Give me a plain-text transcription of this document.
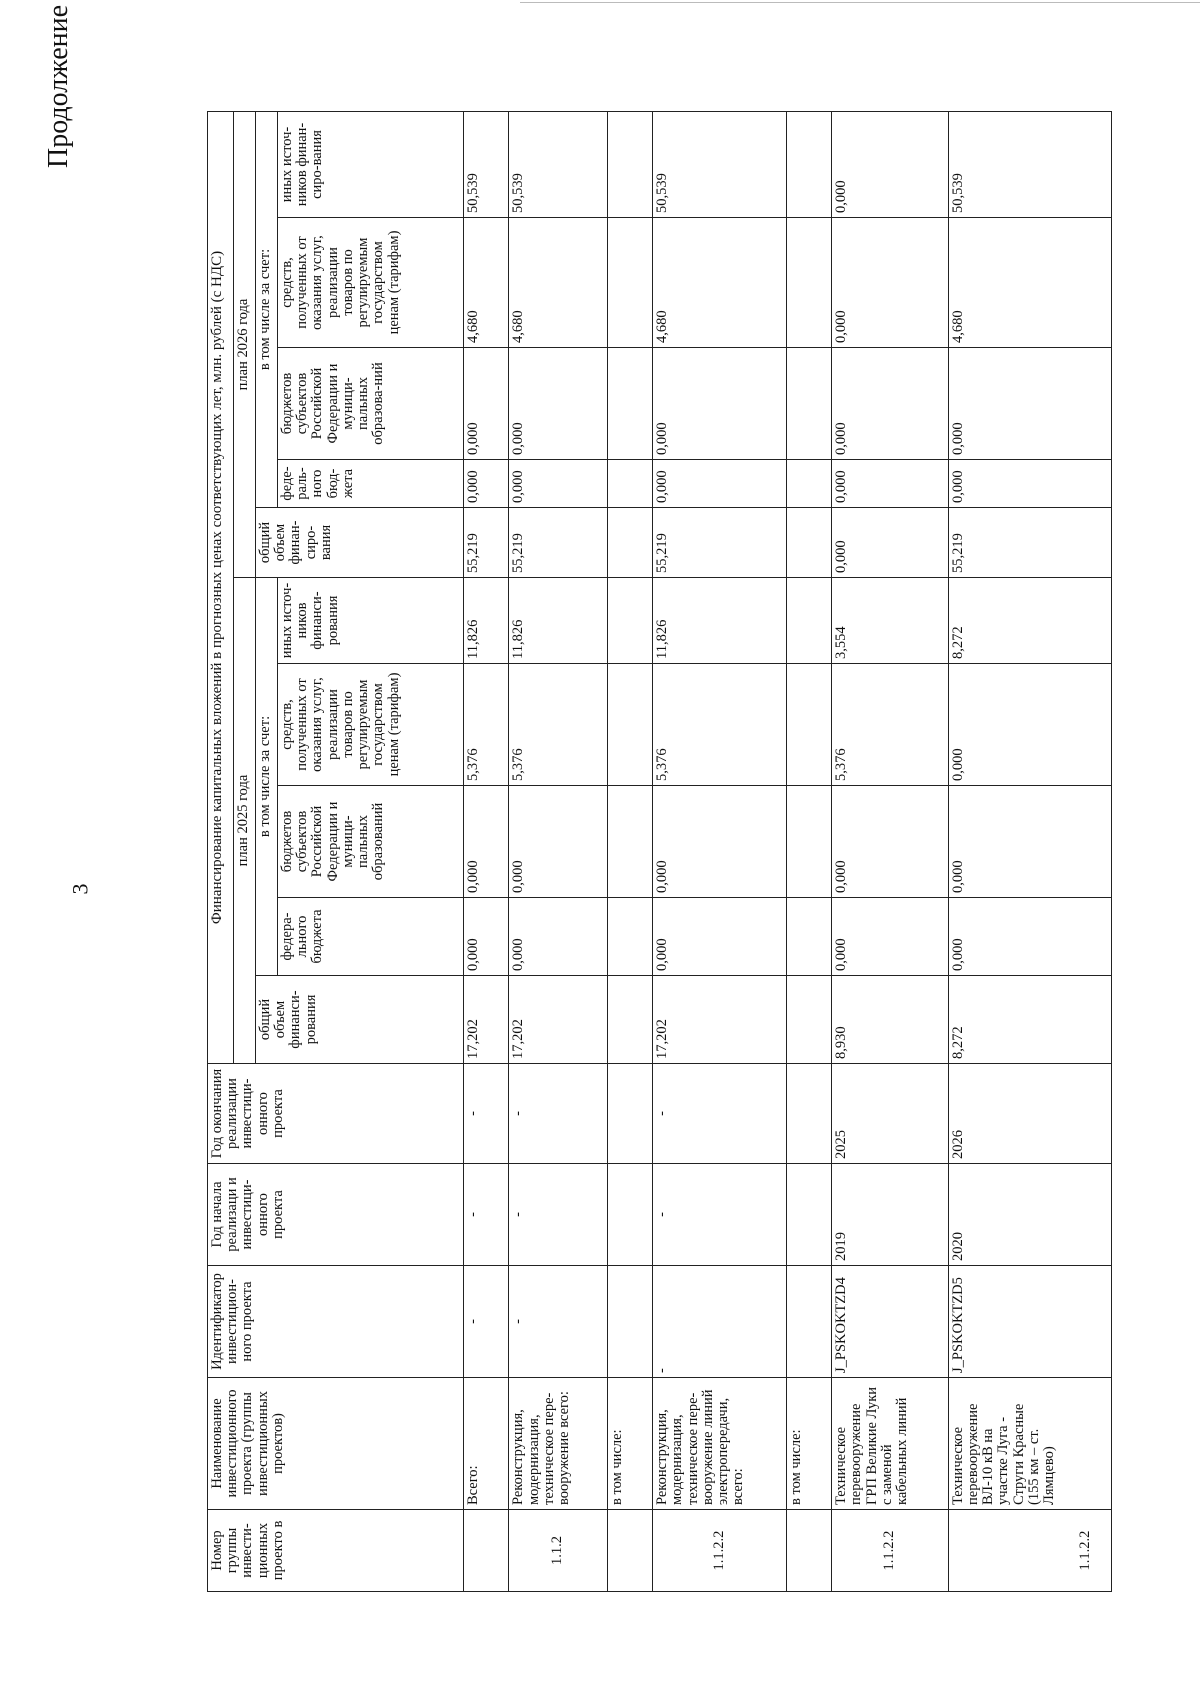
3
Продолжение
Номер группы инвести-ционных проекто в	Наименование инвестиционного проекта (группы инвестиционных проектов)	Идентификатор инвестицион-ного проекта	Год начала реализаци и инвестици-онного проекта	Год окончания реализации инвестици-онного проекта	Финансирование капитальных вложений в прогнозных ценах соответствующих лет, млн. рублей (с НДС)									
					план 2025 года					план 2026 года				
					общий объем финанси-рования	в том числе за счет:				общий объем финан-сиро-вания	в том числе за счет:			
						федера-льного бюджета	бюджетов субъектов Российской Федерации и муници-пальных образований	средств, полученных от оказания услуг, реализации товаров по регулируемым государством ценам (тарифам)	иных источ-ников финанси-рования		феде-раль-ного бюд-жета	бюджетов субъектов Российской Федерации и муници-пальных образова-ний	средств, полученных от оказания услуг, реализации товаров по регулируемым государством ценам (тарифам)	иных источ-ников финан-сиро-вания
	Всего:	-	-	-	17,202	0,000	0,000	5,376	11,826	55,219	0,000	0,000	4,680	50,539
1.1.2	Реконструкция, модернизация, техническое пере-вооружение всего:	-	-	-	17,202	0,000	0,000	5,376	11,826	55,219	0,000	0,000	4,680	50,539
	в том числе:													
1.1.2.2	Реконструкция, модернизация, техническое пере-вооружение линий электропередачи, всего:	-	-	-	17,202	0,000	0,000	5,376	11,826	55,219	0,000	0,000	4,680	50,539
	в том числе:													
1.1.2.2	Техническое перевооружение ГРП Великие Луки с заменой кабельных линий	J_PSKOKTZD4	2019	2025	8,930	0,000	0,000	5,376	3,554	0,000	0,000	0,000	0,000	0,000
1.1.2.2	Техническое перевооружение ВЛ-10 кВ на участке Луга - Струги Красные (155 км – ст. Лямцево)	J_PSKOKTZD5	2020	2026	8,272	0,000	0,000	0,000	8,272	55,219	0,000	0,000	4,680	50,539
